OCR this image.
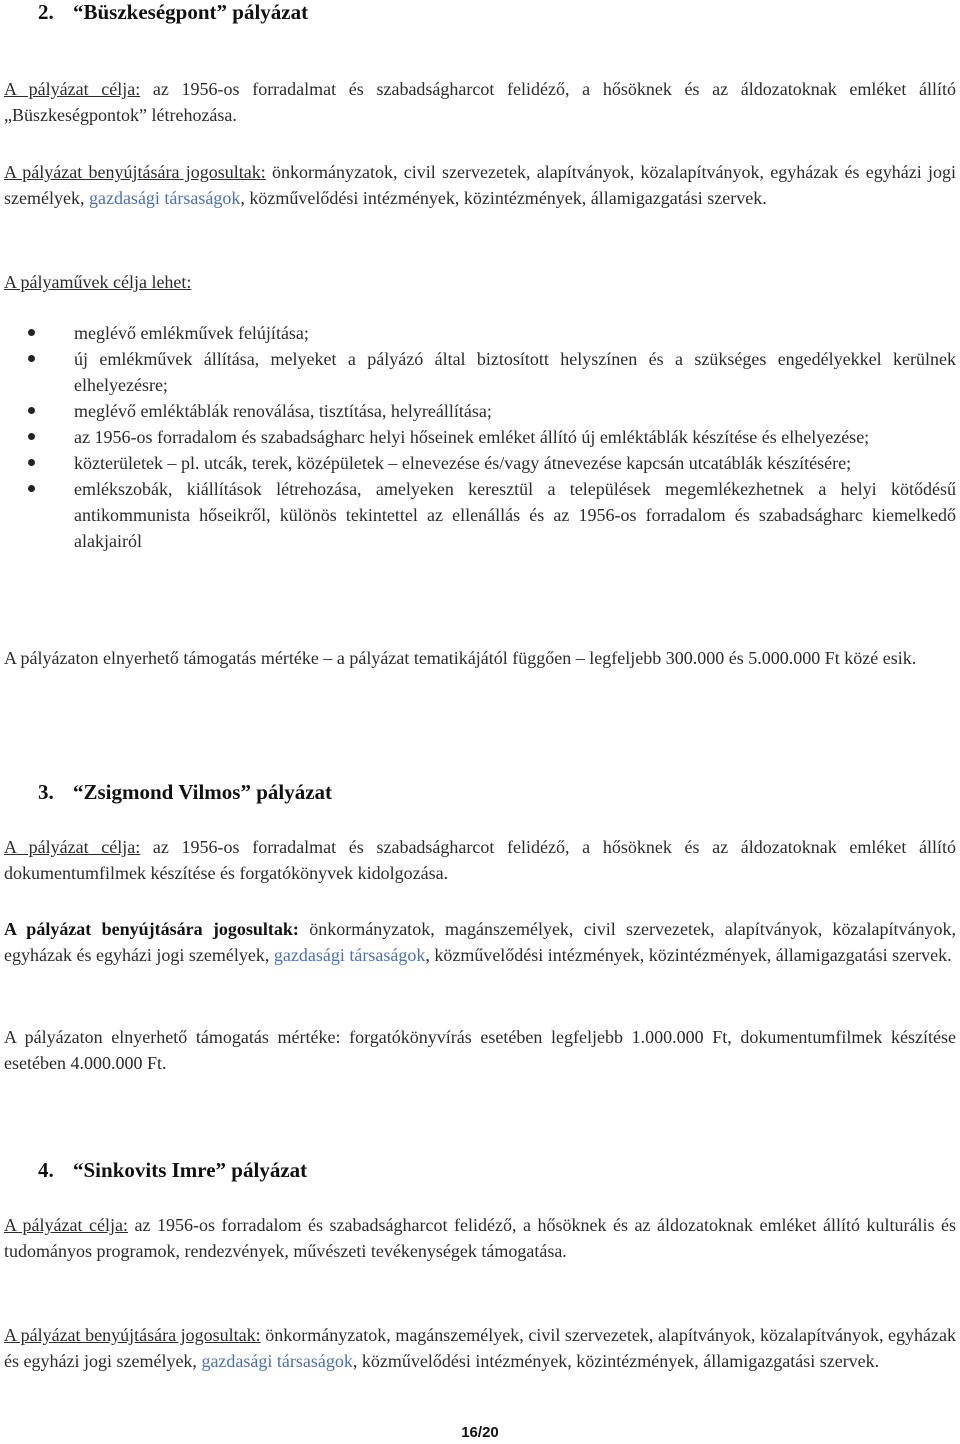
2. “Büszkeségpont” pályázat

A pályázat célja: az 1956-os forradalmat és szabadságharcot felidéző, a hősöknek és az áldozatoknak emléket állító „Büszkeségpontok” létrehozása.

A pályázat benyújtására jogosultak: önkormányzatok, civil szervezetek, alapítványok, közalapítványok, egyházak és egyházi jogi személyek, gazdasági társaságok, közművelődési intézmények, közintézmények, államigazgatási szervek.

A pályaművek célja lehet:

meglévő emlékművek felújítása;
új emlékművek állítása, melyeket a pályázó által biztosított helyszínen és a szükséges engedélyekkel kerülnek elhelyezésre;
meglévő emléktáblák renoválása, tisztítása, helyreállítása;
az 1956-os forradalom és szabadságharc helyi hőseinek emléket állító új emléktáblák készítése és elhelyezése;
közterületek – pl. utcák, terek, középületek – elnevezése és/vagy átnevezése kapcsán utcatáblák készítésére;
emlékszobák, kiállítások létrehozása, amelyeken keresztül a települések megemlékezhetnek a helyi kötődésű antikommunista hőseikről, különös tekintettel az ellenállás és az 1956-os forradalom és szabadságharc kiemelkedő alakjairól

A pályázaton elnyerhető támogatás mértéke – a pályázat tematikájától függően – legfeljebb 300.000 és 5.000.000 Ft közé esik.

3. “Zsigmond Vilmos” pályázat

A pályázat célja: az 1956-os forradalmat és szabadságharcot felidéző, a hősöknek és az áldozatoknak emléket állító dokumentumfilmek készítése és forgatókönyvek kidolgozása.

A pályázat benyújtására jogosultak: önkormányzatok, magánszemélyek, civil szervezetek, alapítványok, közalapítványok, egyházak és egyházi jogi személyek, gazdasági társaságok, közművelődési intézmények, közintézmények, államigazgatási szervek.

A pályázaton elnyerhető támogatás mértéke: forgatókönyvírás esetében legfeljebb 1.000.000 Ft, dokumentumfilmek készítése esetében 4.000.000 Ft.

4. “Sinkovits Imre” pályázat

A pályázat célja: az 1956-os forradalom és szabadságharcot felidéző, a hősöknek és az áldozatoknak emléket állító kulturális és tudományos programok, rendezvények, művészeti tevékenységek támogatása.

A pályázat benyújtására jogosultak: önkormányzatok, magánszemélyek, civil szervezetek, alapítványok, közalapítványok, egyházak és egyházi jogi személyek, gazdasági társaságok, közművelődési intézmények, közintézmények, államigazgatási szervek.

16/20
